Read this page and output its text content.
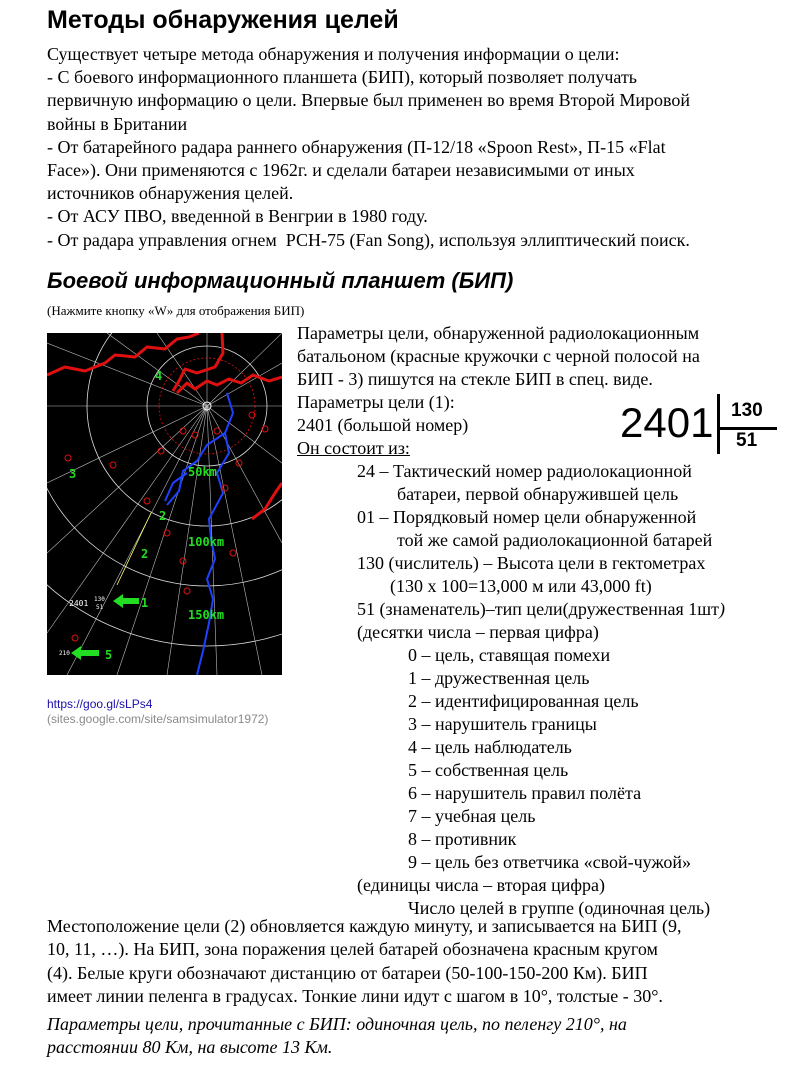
Методы обнаружения целей
Существует четыре метода обнаружения и получения информации о цели:
- С боевого информационного планшета (БИП), который позволяет получать
первичную информацию о цели. Впервые был применен во время Второй Мировой
войны в Британии
- От батарейного радара раннего обнаружения (П-12/18 «Spoon Rest», П-15 «Flat
Face»). Они применяются с 1962г. и сделали батареи независимыми от иных
источников обнаружения целей.
- От АСУ ПВО, введенной в Венгрии в 1980 году.
- От радара управления огнем  РСН-75 (Fan Song), используя эллиптический поиск.
Боевой информационный планшет (БИП)
(Нажмите кнопку «W» для отображения БИП)
4
3
2
2
1
5
50km
100km
150km
2401 130
51
210
https://goo.gl/sLPs4
(sites.google.com/site/samsimulator1972)
Параметры цели, обнаруженной радиолокационным
батальоном (красные кружочки с черной полосой на
БИП - 3) пишутся на стекле БИП в спец. виде.
Параметры цели (1):
2401 (большой номер)
Он состоит из:
2401 130
51
24 – Тактический номер радиолокационной
батареи, первой обнаружившей цель
01 – Порядковый номер цели обнаруженной
той же самой радиолокационной батарей
130 (числитель) – Высота цели в гектометрах
(130 x 100=13,000 м или 43,000 ft)
51 (знаменатель)–тип цели(дружественная 1шт)
(десятки числа – первая цифра)
0 – цель, ставящая помехи
1 – дружественная цель
2 – идентифицированная цель
3 – нарушитель границы
4 – цель наблюдатель
5 – собственная цель
6 – нарушитель правил полёта
7 – учебная цель
8 – противник
9 – цель без ответчика «свой-чужой»
(единицы числа – вторая цифра)
Число целей в группе (одиночная цель)
Местоположение цели (2) обновляется каждую минуту, и записывается на БИП (9,
10, 11, …). На БИП, зона поражения целей батарей обозначена красным кругом
(4). Белые круги обозначают дистанцию от батареи (50-100-150-200 Км). БИП
имеет линии пеленга в градусах. Тонкие лини идут с шагом в 10°, толстые - 30°.
Параметры цели, прочитанные с БИП: одиночная цель, по пеленгу 210°, на
расстоянии 80 Км, на высоте 13 Км.
